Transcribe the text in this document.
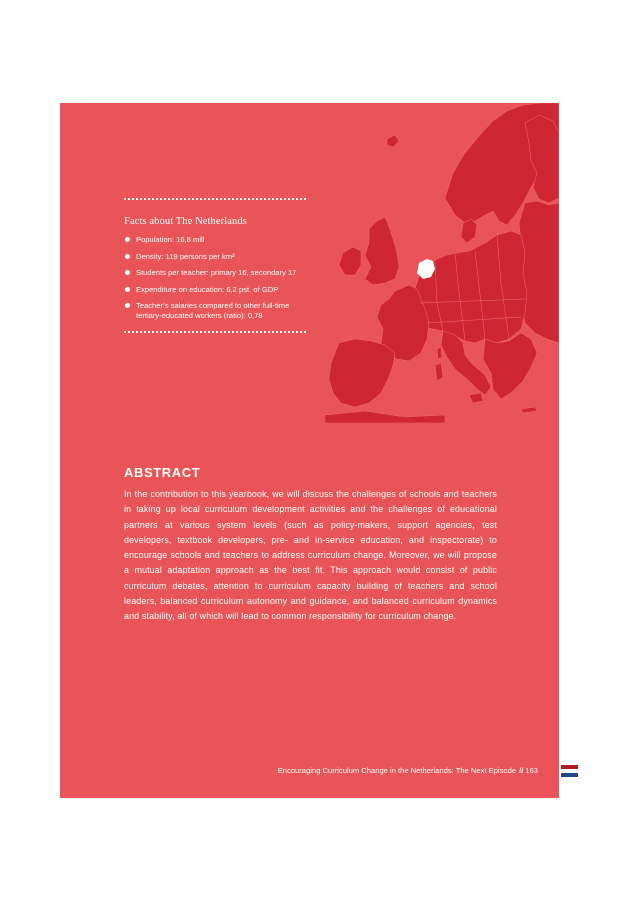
Facts about The Netherlands
Population: 16,8 mill
Density: 119 persons per km²
Students per teacher: primary 16, secondary 17
Expenditure on education: 6,2 pst. of GDP
Teacher’s salaries compared to other full-time tertiary-educated workers (ratio): 0,78
ABSTRACT

In the contribution to this yearbook, we will discuss the challenges of schools and teachers in taking up local curriculum development activities and the challenges of educational partners at various system levels (such as policy-makers, support agencies, test developers, textbook developers, pre- and in-service education, and inspectorate) to encourage schools and teachers to address curriculum change. Moreover, we will propose a mutual adaptation approach as the best fit. This approach would consist of public curriculum debates, attention to curriculum capacity building of teachers and school leaders, balanced curriculum autonomy and guidance, and balanced curriculum dynamics and stability, all of which will lead to common responsibility for curriculum change.

Encouraging Curriculum Change in the Netherlands: The Next Episode // 163
